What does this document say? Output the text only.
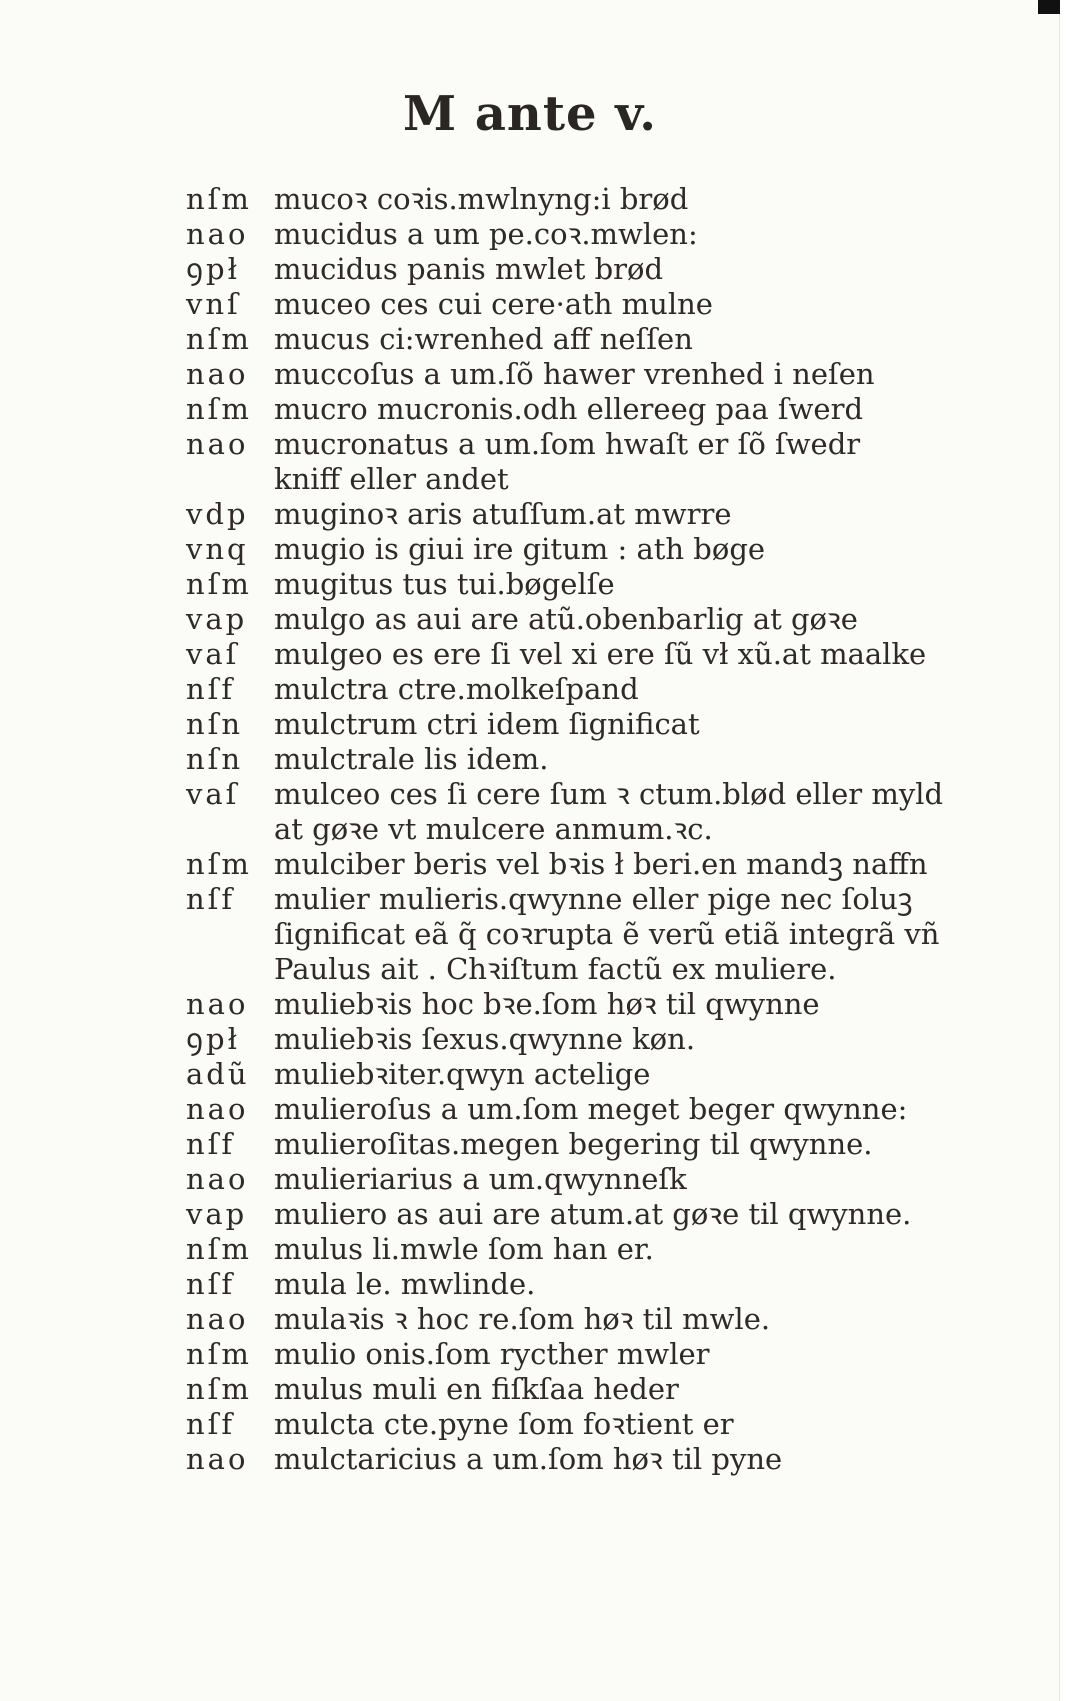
M ante v.
nſm mucoꝛ coꝛis.mwlnyng:i brød
nao mucidus a um pe.coꝛ.mwlen:
ꝯpł	mucidus panis mwlet brød
vnſ	muceo ces cui cere·ath mulne
nſm mucus ci:wrenhed aff neſſen
nao muccoſus a um.ſõ hawer vrenhed i neſen
nſm mucro mucronis.odh ellereeg paa ſwerd
nao mucronatus a um.ſom hwaſt er ſõ ſwedr
kniff eller andet
vdp muginoꝛ aris atuſſum.at mwrre
vnq mugio is giui ire gitum : ath bøge
nſm mugitus tus tui.bøgelſe
vap mulgo as aui are atũ.obenbarlig at gøꝛe
vaſ	mulgeo es ere ſi vel xi ere ſũ vł xũ.at maalke
nſf	mulctra ctre.molkeſpand
nſn	mulctrum ctri idem ſignificat
nſn	mulctrale lis idem.
vaſ	mulceo ces ſi cere ſum ꝛ ctum.blød eller myld
at gøꝛe vt mulcere anmum.ꝛc.
nſm mulciber beris vel bꝛis ł beri.en mandꝫ naffn
nſf	mulier mulieris.qwynne eller pige nec ſoluꝫ
ſignificat eã q̃ coꝛrupta ẽ verũ etiã integrã vñ
Paulus ait . Chꝛiſtum factũ ex muliere.
nao muliebꝛis hoc bꝛe.ſom høꝛ til qwynne
ꝯpł	muliebꝛis ſexus.qwynne køn.
adũ muliebꝛiter.qwyn actelige
nao mulieroſus a um.ſom meget beger qwynne:
nſf	mulieroſitas.megen begering til qwynne.
nao mulieriarius a um.qwynneſk
vap muliero as aui are atum.at gøꝛe til qwynne.
nſm mulus li.mwle ſom han er.
nſf	mula le. mwlinde.
nao mulaꝛis ꝛ hoc re.ſom høꝛ til mwle.
nſm mulio onis.ſom rycther mwler
nſm mulus muli en fiſkſaa heder
nſf	mulcta cte.pyne ſom foꝛtient er
nao mulctaricius a um.ſom høꝛ til pyne
